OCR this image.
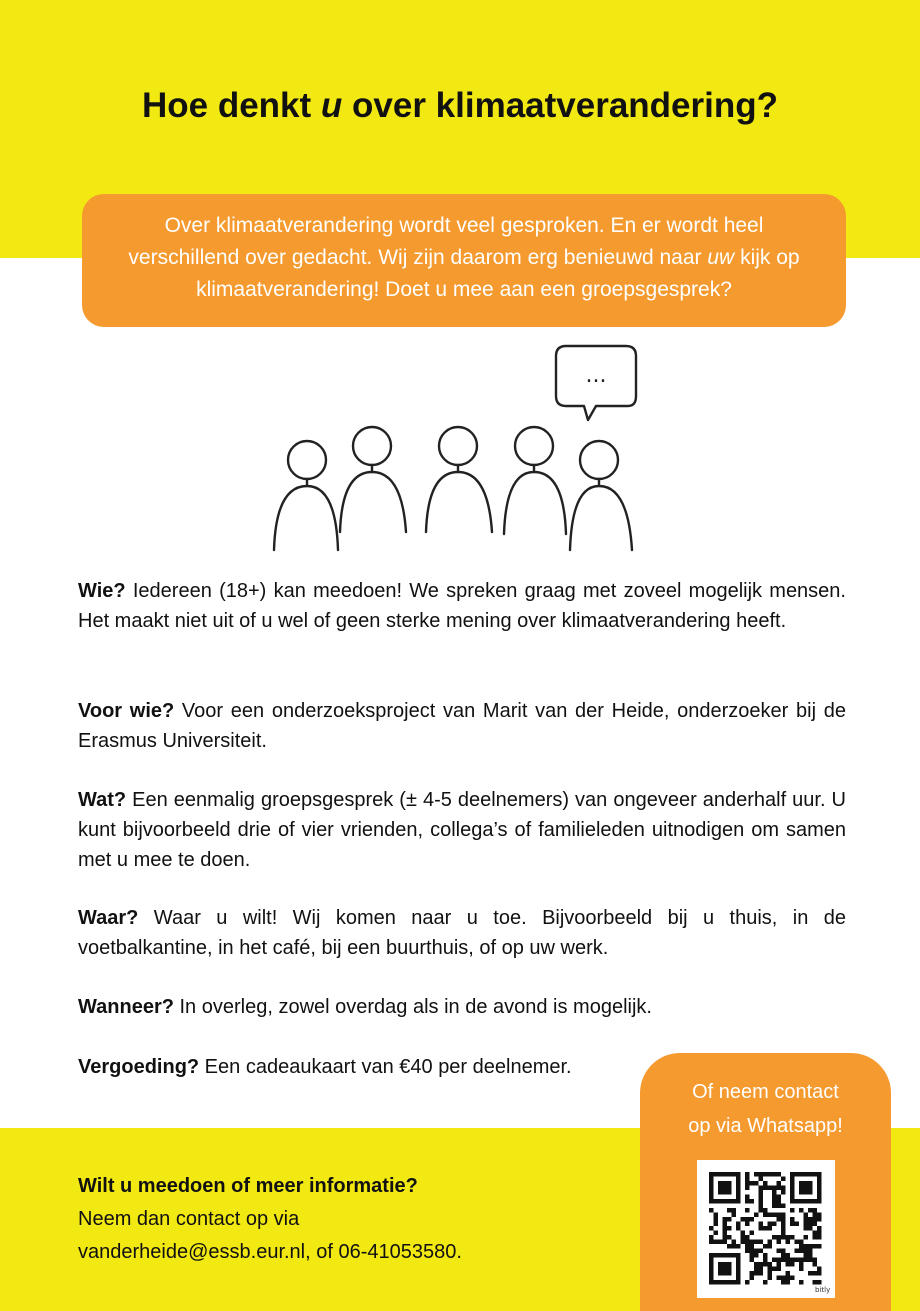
Hoe denkt u over klimaatverandering?
Over klimaatverandering wordt veel gesproken. En er wordt heel verschillend over gedacht. Wij zijn daarom erg benieuwd naar uw kijk op klimaatverandering! Doet u mee aan een groepsgesprek?
...

Wie? Iedereen (18+) kan meedoen! We spreken graag met zoveel mogelijk mensen. Het maakt niet uit of u wel of geen sterke mening over klimaatverandering heeft.

Voor wie? Voor een onderzoeksproject van Marit van der Heide, onderzoeker bij de Erasmus Universiteit.

Wat? Een eenmalig groepsgesprek (± 4-5 deelnemers) van ongeveer anderhalf uur. U kunt bijvoorbeeld drie of vier vrienden, collega’s of familieleden uitnodigen om samen met u mee te doen.

Waar? Waar u wilt! Wij komen naar u toe. Bijvoorbeeld bij u thuis, in de voetbalkantine, in het café, bij een buurthuis, of op uw werk.

Wanneer? In overleg, zowel overdag als in de avond is mogelijk.

Vergoeding? Een cadeaukaart van €40 per deelnemer.

Wilt u meedoen of meer informatie?
Neem dan contact op via
vanderheide@essb.eur.nl, of 06-41053580.
Of neem contact
op via Whatsapp!
bitly
